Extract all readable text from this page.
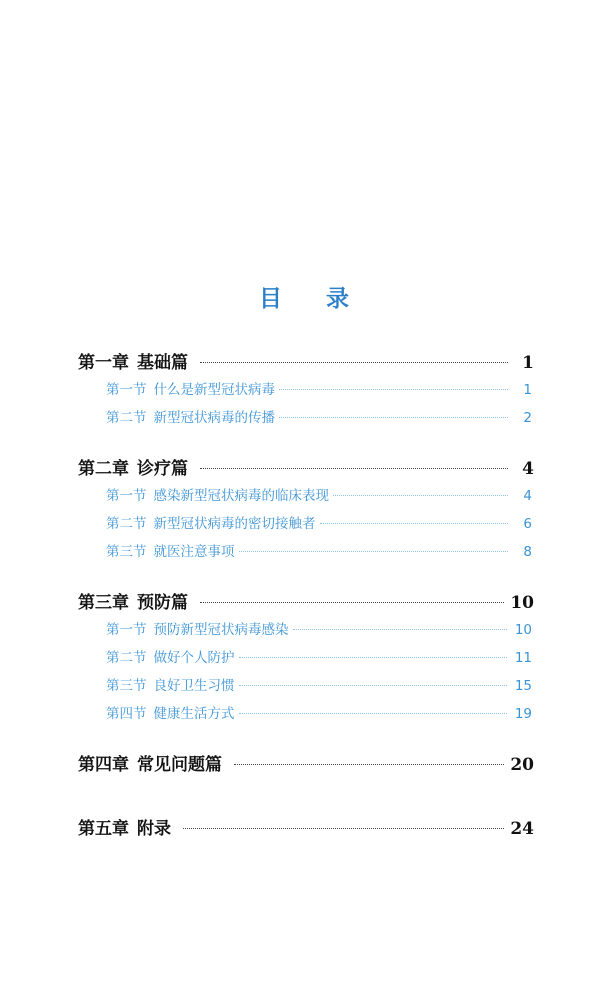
目 录
第一章 基础篇	1
第一节 什么是新型冠状病毒	1
第二节 新型冠状病毒的传播	2
第二章 诊疗篇	4
第一节 感染新型冠状病毒的临床表现	4
第二节 新型冠状病毒的密切接触者	6
第三节 就医注意事项	8
第三章 预防篇	10
第一节 预防新型冠状病毒感染	10
第二节 做好个人防护	11
第三节 良好卫生习惯	15
第四节 健康生活方式	19
第四章 常见问题篇	20
第五章 附录	24
